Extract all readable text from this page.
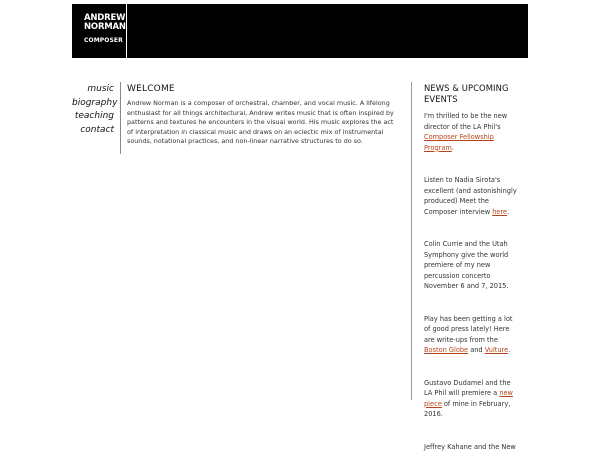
ANDREW
NORMAN
COMPOSER
music
biography
teaching
contact
WELCOME

Andrew Norman is a composer of orchestral, chamber, and vocal music. A lifelong enthusiast for all things architectural, Andrew writes music that is often inspired by patterns and textures he encounters in the visual world. His music explores the act of interpretation in classical music and draws on an eclectic mix of instrumental sounds, notational practices, and non-linear narrative structures to do so.

NEWS & UPCOMING EVENTS

I'm thrilled to be the new director of the LA Phil's Composer Fellowship Program.

Listen to Nadia Sirota's excellent (and astonishingly produced) Meet the Composer interview here.

Colin Currie and the Utah Symphony give the world premiere of my new percussion concerto November 6 and 7, 2015.

Play has been getting a lot of good press lately! Here are write-ups from the Boston Globe and Vulture.

Gustavo Dudamel and the LA Phil will premiere a new piece of mine in February, 2016.

Jeffrey Kahane and the New
